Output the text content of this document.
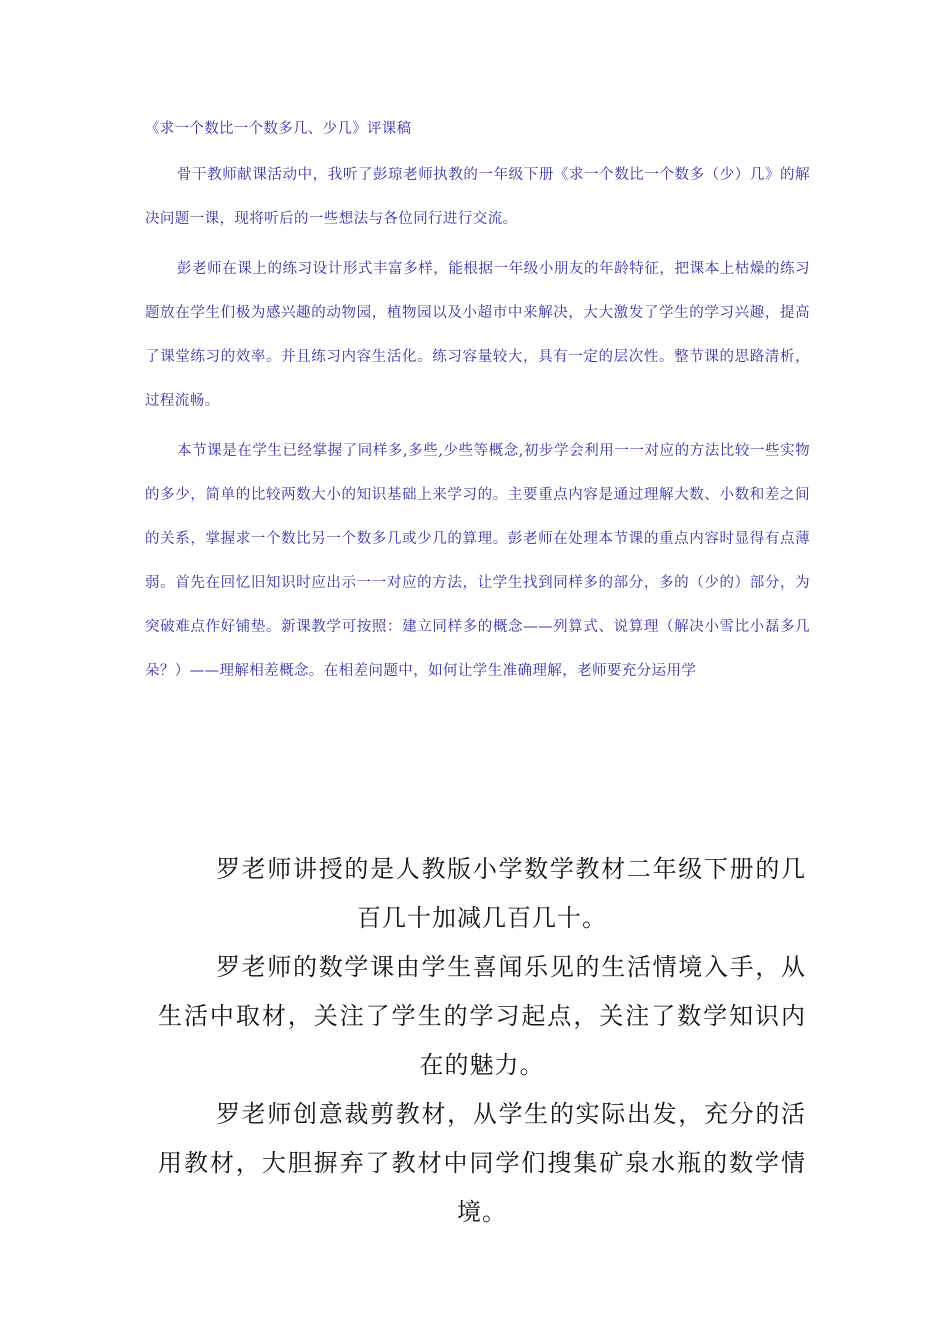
《求一个数比一个数多几、少几》评课稿

骨干教师献课活动中，我听了彭琼老师执教的一年级下册《求一个数比一个数多（少）几》的解决问题一课，现将听后的一些想法与各位同行进行交流。

彭老师在课上的练习设计形式丰富多样，能根据一年级小朋友的年龄特征，把课本上枯燥的练习题放在学生们极为感兴趣的动物园，植物园以及小超市中来解决，大大激发了学生的学习兴趣，提高了课堂练习的效率。并且练习内容生活化。练习容量较大，具有一定的层次性。整节课的思路清析，过程流畅。

本节课是在学生已经掌握了同样多,多些,少些等概念,初步学会利用一一对应的方法比较一些实物的多少，简单的比较两数大小的知识基础上来学习的。主要重点内容是通过理解大数、小数和差之间的关系，掌握求一个数比另一个数多几或少几的算理。彭老师在处理本节课的重点内容时显得有点薄弱。首先在回忆旧知识时应出示一一对应的方法，让学生找到同样多的部分，多的（少的）部分，为突破难点作好铺垫。新课教学可按照：建立同样多的概念——列算式、说算理（解决小雪比小磊多几朵？）——理解相差概念。在相差问题中，如何让学生准确理解，老师要充分运用学

罗老师讲授的是人教版小学数学教材二年级下册的几百几十加减几百几十。

罗老师的数学课由学生喜闻乐见的生活情境入手，从生活中取材，关注了学生的学习起点，关注了数学知识内在的魅力。

罗老师创意裁剪教材，从学生的实际出发，充分的活用教材，大胆摒弃了教材中同学们搜集矿泉水瓶的数学情境。
